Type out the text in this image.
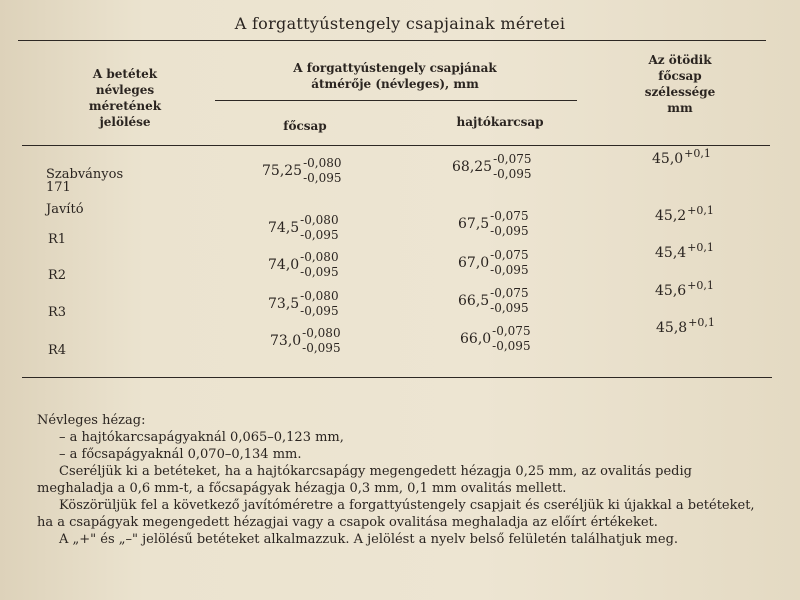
A forgattyústengely csapjainak méretei
A betétek
névleges
méretének
jelölése
A forgattyústengely csapjának
átmérője (névleges), mm
főcsap	hajtókarcsap
Az ötödik
főcsap
szélessége
mm
Szabványos 171
75,25 -0,080
-0,095
68,25 -0,075
-0,095
$45,0^{+0,1}$
Javító
R1
74,5 -0,080
-0,095
67,5 -0,075
-0,095
$45,2^{+0,1}$
R2
74,0 -0,080
-0,095
67,0 -0,075
-0,095
$45,4^{+0,1}$
R3
73,5 -0,080
-0,095
66,5 -0,075
-0,095
$45,6^{+0,1}$
R4
73,0 -0,080
-0,095
66,0 -0,075
-0,095
$45,8^{+0,1}$

Névleges hézag:

– a hajtókarcsapágyaknál 0,065–0,123 mm,

– a főcsapágyaknál 0,070–0,134 mm.

Cseréljük ki a betéteket, ha a hajtókarcsapágy megengedett hézagja 0,25 mm, az ovalitás pedig meghaladja a 0,6 mm-t, a főcsapágyak hézagja 0,3 mm, 0,1 mm ovalitás mellett.

Köszörüljük fel a következő javítóméretre a forgattyústengely csapjait és cseréljük ki újakkal a betéteket, ha a csapágyak megengedett hézagjai vagy a csapok ovalitása meghaladja az előírt értékeket.

A „+" és „–" jelölésű betéteket alkalmazzuk. A jelölést a nyelv belső felületén találhatjuk meg.
